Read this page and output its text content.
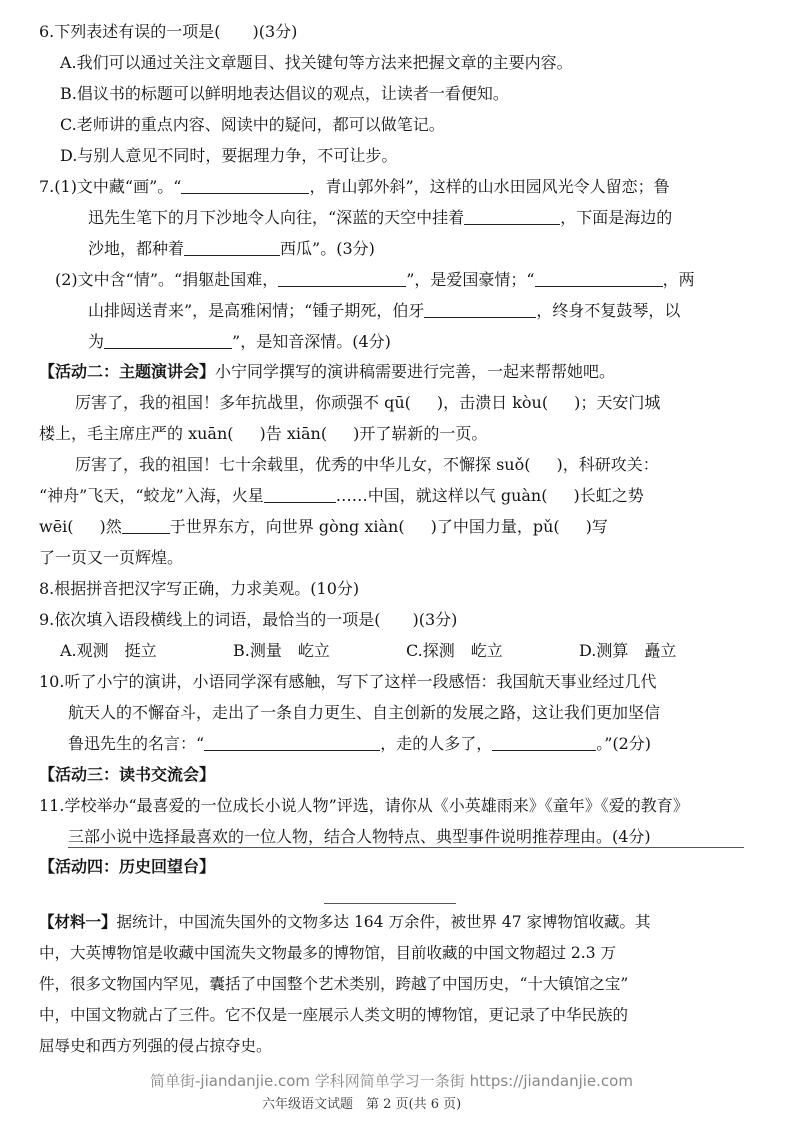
6.下列表述有误的一项是(　　)(3分)
A.我们可以通过关注文章题目、找关键句等方法来把握文章的主要内容。
B.倡议书的标题可以鲜明地表达倡议的观点，让读者一看便知。
C.老师讲的重点内容、阅读中的疑问，都可以做笔记。
D.与别人意见不同时，要据理力争，不可让步。
7.(1)文中藏“画”。“	，青山郭外斜”，这样的山水田园风光令人留恋；鲁
迅先生笔下的月下沙地令人向往，“深蓝的天空中挂着	，下面是海边的
沙地，都种着	西瓜”。(3分)
(2)文中含“情”。“捐躯赴国难，	”，是爱国豪情；“	，两
山排闼送青来”，是高雅闲情；“锺子期死，伯牙	，终身不复鼓琴，以
为	”，是知音深情。(4分)
【活动二：主题演讲会】小宁同学撰写的演讲稿需要进行完善，一起来帮帮她吧。
厉害了，我的祖国！多年抗战里，你顽强不 qū( )，击溃日 kòu( )；天安门城
楼上，毛主席庄严的 xuān( )告 xiān( )开了崭新的一页。
厉害了，我的祖国！七十余载里，优秀的中华儿女，不懈探 suǒ( )，科研攻关：
“神舟”飞天，“蛟龙”入海，火星	……中国，就这样以气 guàn( )长虹之势
wēi( )然	于世界东方，向世界 gòng xiàn( )了中国力量，pǔ( )写
了一页又一页辉煌。
8.根据拼音把汉字写正确，力求美观。(10分)
9.依次填入语段横线上的词语，最恰当的一项是(　　)(3分)
A.观测　挺立	B.测量　屹立	C.探测　屹立	D.测算　矗立
10.听了小宁的演讲，小语同学深有感触，写下了这样一段感悟：我国航天事业经过几代
航天人的不懈奋斗，走出了一条自力更生、自主创新的发展之路，这让我们更加坚信
鲁迅先生的名言：“	，走的人多了，	。”(2分)
【活动三：读书交流会】
11.学校举办“最喜爱的一位成长小说人物”评选，请你从《小英雄雨来》《童年》《爱的教育》
三部小说中选择最喜欢的一位人物，结合人物特点、典型事件说明推荐理由。(4分)
【活动四：历史回望台】
【材料一】据统计，中国流失国外的文物多达 164 万余件，被世界 47 家博物馆收藏。其
中，大英博物馆是收藏中国流失文物最多的博物馆，目前收藏的中国文物超过 2.3 万
件，很多文物国内罕见，囊括了中国整个艺术类别，跨越了中国历史，“十大镇馆之宝”
中，中国文物就占了三件。它不仅是一座展示人类文明的博物馆，更记录了中华民族的
屈辱史和西方列强的侵占掠夺史。
简单街-jiandanjie.com 学科网简单学习一条街 https://jiandanjie.com
六年级语文试题　第 2 页(共 6 页)
